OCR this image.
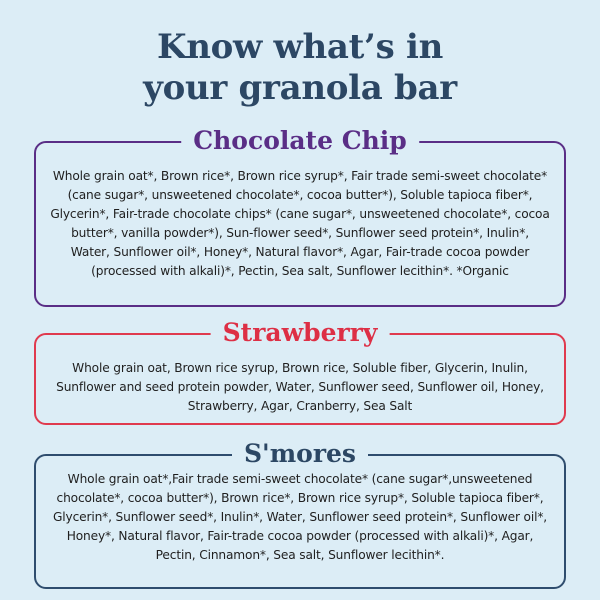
Know what’s in
your granola bar
Chocolate Chip

Whole grain oat*, Brown rice*, Brown rice syrup*, Fair trade semi-sweet chocolate* (cane sugar*, unsweetened chocolate*, cocoa butter*), Soluble tapioca fiber*, Glycerin*, Fair-trade chocolate chips* (cane sugar*, unsweetened chocolate*, cocoa butter*, vanilla powder*), Sun-flower seed*, Sunflower seed protein*, Inulin*, Water, Sunflower oil*, Honey*, Natural flavor*, Agar, Fair-trade cocoa powder (processed with alkali)*, Pectin, Sea salt, Sunflower lecithin*. *Organic

Strawberry

Whole grain oat, Brown rice syrup, Brown rice, Soluble fiber, Glycerin, Inulin, Sunflower and seed protein powder, Water, Sunflower seed, Sunflower oil, Honey, Strawberry, Agar, Cranberry, Sea Salt

S'mores

Whole grain oat*,Fair trade semi-sweet chocolate* (cane sugar*,unsweetened chocolate*, cocoa butter*), Brown rice*, Brown rice syrup*, Soluble tapioca fiber*, Glycerin*, Sunflower seed*, Inulin*, Water, Sunflower seed protein*, Sunflower oil*, Honey*, Natural flavor, Fair-trade cocoa powder (processed with alkali)*, Agar, Pectin, Cinnamon*, Sea salt, Sunflower lecithin*.
